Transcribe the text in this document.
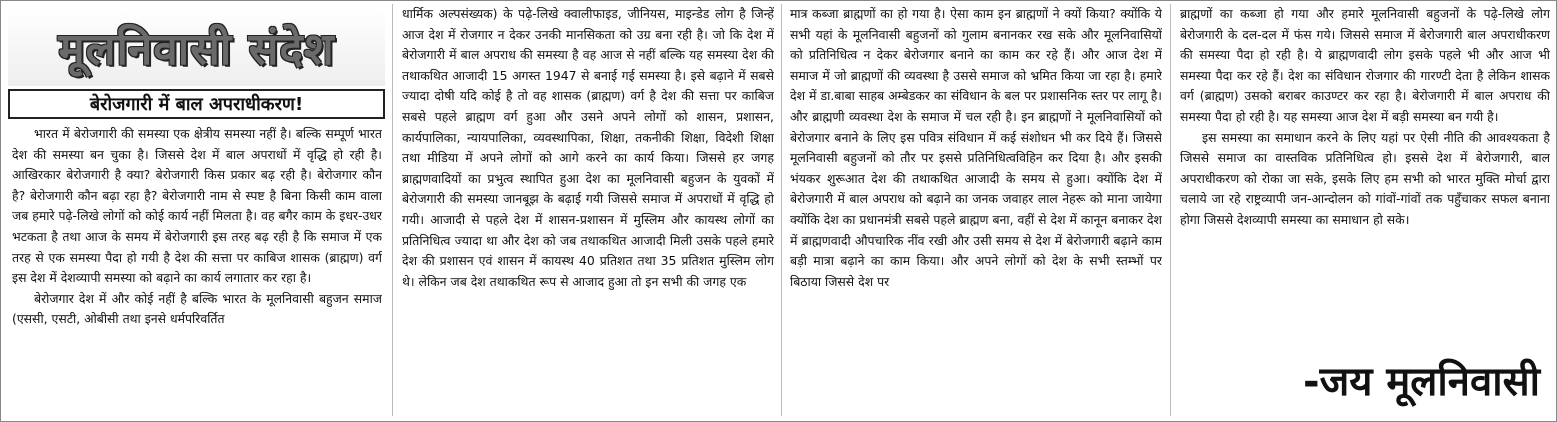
मूलनिवासी संदेश
बेरोजगारी में बाल अपराधीकरण!

भारत में बेरोजगारी की समस्या एक क्षेत्रीय समस्या नहीं है। बल्कि सम्पूर्ण भारत देश की समस्या बन चुका है। जिससे देश में बाल अपराधों में वृद्धि हो रही है। आखिरकार बेरोजगारी है क्या? बेरोजगारी किस प्रकार बढ़ रही है। बेरोजगार कौन है? बेरोजगारी कौन बढ़ा रहा है? बेरोजगारी नाम से स्पष्ट है बिना किसी काम वाला जब हमारे पढ़े-लिखे लोगों को कोई कार्य नहीं मिलता है। वह बगैर काम के इधर-उधर भटकता है तथा आज के समय में बेरोजगारी इस तरह बढ़ रही है कि समाज में एक तरह से एक समस्या पैदा हो गयी है देश की सत्ता पर काबिज शासक (ब्राह्मण) वर्ग इस देश में देशव्यापी समस्या को बढ़ाने का कार्य लगातार कर रहा है।

बेरोजगार देश में और कोई नहीं है बल्कि भारत के मूलनिवासी बहुजन समाज (एससी, एसटी, ओबीसी तथा इनसे धर्मपरिवर्तित

धार्मिक अल्पसंख्यक) के पढ़े-लिखे क्वालीफाइड, जीनियस, माइन्डेड लोग है जिन्हें आज देश में रोजगार न देकर उनकी मानसिकता को उग्र बना रही है। जो कि देश में बेरोजगारी में बाल अपराध की समस्या है वह आज से नहीं बल्कि यह समस्या देश की तथाकथित आजादी 15 अगस्त 1947 से बनाई गई समस्या है। इसे बढ़ाने में सबसे ज्यादा दोषी यदि कोई है तो वह शासक (ब्राह्मण) वर्ग है देश की सत्ता पर काबिज सबसे पहले ब्राह्मण वर्ग हुआ और उसने अपने लोगों को शासन, प्रशासन, कार्यपालिका, न्यायपालिका, व्यवस्थापिका, शिक्षा, तकनीकी शिक्षा, विदेशी शिक्षा तथा मीडिया में अपने लोगों को आगे करने का कार्य किया। जिससे हर जगह ब्राह्मणवादियों का प्रभुत्व स्थापित हुआ देश का मूलनिवासी बहुजन के युवकों में बेरोजगारी की समस्या जानबूझ के बढ़ाई गयी जिससे समाज में अपराधों में वृद्धि हो गयी। आजादी से पहले देश में शासन-प्रशासन में मुस्लिम और कायस्थ लोगों का प्रतिनिधित्व ज्यादा था और देश को जब तथाकथित आजादी मिली उसके पहले हमारे देश की प्रशासन एवं शासन में कायस्थ 40 प्रतिशत तथा 35 प्रतिशत मुस्लिम लोग थे। लेकिन जब देश तथाकथित रूप से आजाद हुआ तो इन सभी की जगह एक

मात्र कब्जा ब्राह्मणों का हो गया है। ऐसा काम इन ब्राह्मणों ने क्यों किया? क्योंकि ये सभी यहां के मूलनिवासी बहुजनों को गुलाम बनानकर रख सके और मूलनिवासियों को प्रतिनिधित्व न देकर बेरोजगार बनाने का काम कर रहे हैं। और आज देश में समाज में जो ब्राह्मणों की व्यवस्था है उससे समाज को भ्रमित किया जा रहा है। हमारे देश में डा.बाबा साहब अम्बेडकर का संविधान के बल पर प्रशासनिक स्तर पर लागू है। और ब्राह्मणी व्यवस्था देश के समाज में चल रही है। इन ब्राह्मणों ने मूलनिवासियों को बेरोजगार बनाने के लिए इस पवित्र संविधान में कई संशोधन भी कर दिये हैं। जिससे मूलनिवासी बहुजनों को तौर पर इससे प्रतिनिधित्वविहिन कर दिया है। और इसकी भंयकर शुरूआत देश की तथाकथित आजादी के समय से हुआ। क्योंकि देश में बेरोजगारी में बाल अपराध को बढ़ाने का जनक जवाहर लाल नेहरू को माना जायेगा क्योंकि देश का प्रधानमंत्री सबसे पहले ब्राह्मण बना, वहीं से देश में कानून बनाकर देश में ब्राह्मणवादी औपचारिक नींव रखी और उसी समय से देश में बेरोजगारी बढ़ाने काम बड़ी मात्रा बढ़ाने का काम किया। और अपने लोगों को देश के सभी स्तम्भों पर बिठाया जिससे देश पर

ब्राह्मणों का कब्जा हो गया और हमारे मूलनिवासी बहुजनों के पढ़े-लिखे लोग बेरोजगारी के दल-दल में फंस गये। जिससे समाज में बेरोजगारी बाल अपराधीकरण की समस्या पैदा हो रही है। ये ब्राह्मणवादी लोग इसके पहले भी और आज भी समस्या पैदा कर रहे हैं। देश का संविधान रोजगार की गारण्टी देता है लेकिन शासक वर्ग (ब्राह्मण) उसको बराबर काउण्टर कर रहा है। बेरोजगारी में बाल अपराध की समस्या पैदा हो रही है। यह समस्या आज देश में बड़ी समस्या बन गयी है।

इस समस्या का समाधान करने के लिए यहां पर ऐसी नीति की आवश्यकता है जिससे समाज का वास्तविक प्रतिनिधित्व हो। इससे देश में बेरोजगारी, बाल अपराधीकरण को रोका जा सके, इसके लिए हम सभी को भारत मुक्ति मोर्चा द्वारा चलाये जा रहे राष्ट्रव्यापी जन-आन्दोलन को गांवों-गांवों तक पहुँचाकर सफल बनाना होगा जिससे देशव्यापी समस्या का समाधान हो सके।

-जय मूलनिवासी
